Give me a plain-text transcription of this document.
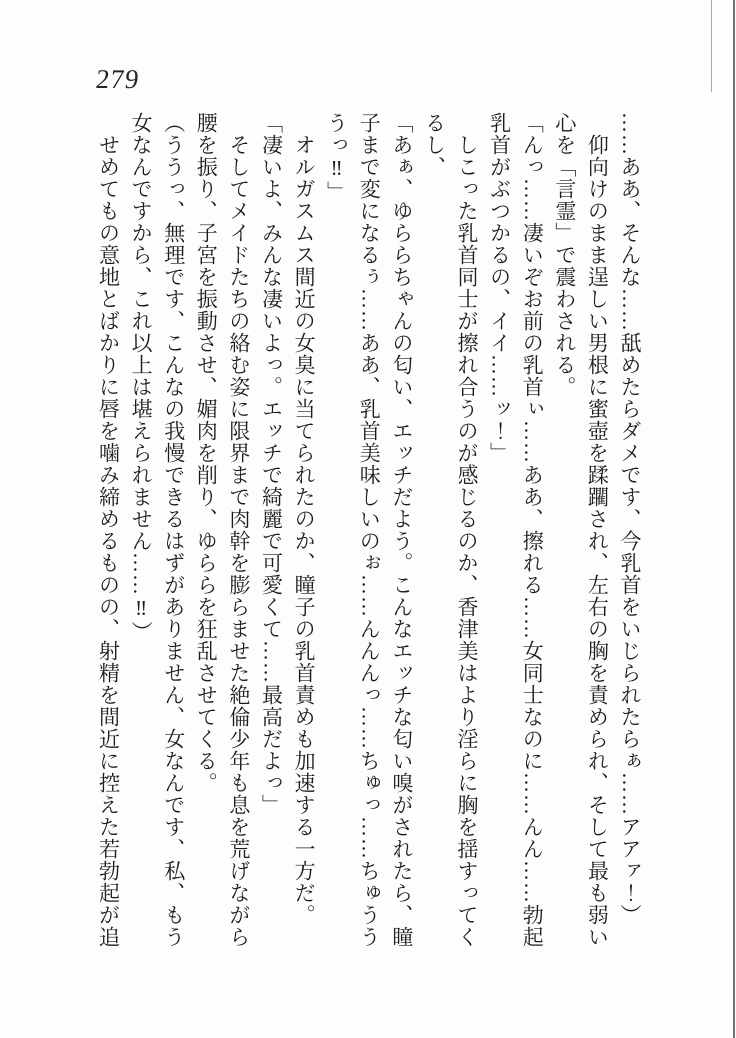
279
……ああ、そんな……舐めたらダメです、今乳首をいじられたらぁ……アアァ！）
　仰向けのまま逞しい男根に蜜壺を蹂躙され、左右の胸を責められ、そして最も弱い
心を「言霊」で震わされる。
「んっ……凄いぞお前の乳首ぃ……ああ、擦れる……女同士なのに……んん……勃起
乳首がぶつかるの、イイ……ッ！」
　しこった乳首同士が擦れ合うのが感じるのか、香津美はより淫らに胸を揺すってく
るし、
「あぁ、ゆららちゃんの匂い、エッチだよう。こんなエッチな匂い嗅がされたら、瞳
子まで変になるぅ……ああ、乳首美味しいのぉ……んんんっ……ちゅっ……ちゅうう
うっ‼」
　オルガスムス間近の女臭に当てられたのか、瞳子の乳首責めも加速する一方だ。
「凄いよ、みんな凄いよっ。エッチで綺麗で可愛くて……最高だよっ」
　そしてメイドたちの絡む姿に限界まで肉幹を膨らませた絶倫少年も息を荒げながら
腰を振り、子宮を振動させ、媚肉を削り、ゆららを狂乱させてくる。
（ううっ、無理です、こんなの我慢できるはずがありません、女なんです、私、もう
女なんですから、これ以上は堪えられません……‼）
　せめてもの意地とばかりに唇を噛み締めるものの、射精を間近に控えた若勃起が追
